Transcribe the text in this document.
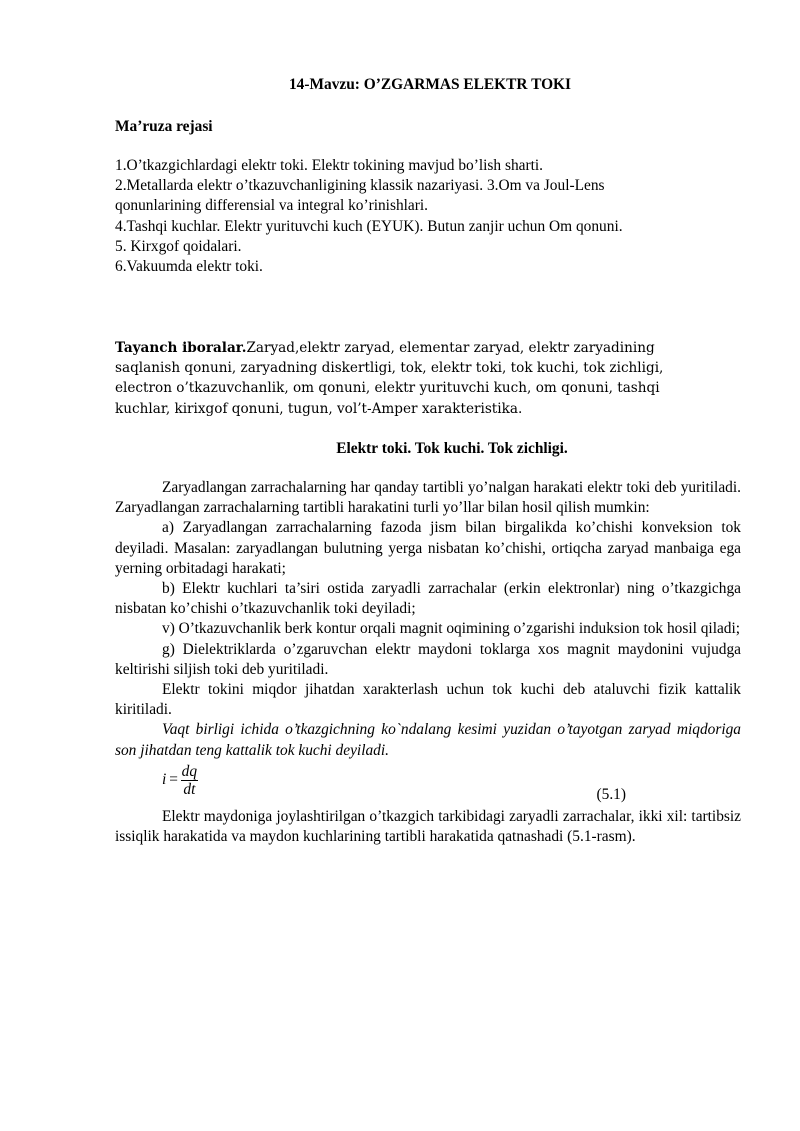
14-Mavzu: O’ZGARMAS ELEKTR TOKI
Ma’ruza rejasi
1.O’tkazgichlardagi elektr toki. Elektr tokining mavjud bo’lish sharti.
2.Metallarda elektr o’tkazuvchanligining klassik nazariyasi. 3.Om va Joul-Lens
qonunlarining differensial va integral ko’rinishlari.
4.Tashqi kuchlar. Elektr yurituvchi kuch (EYUK). Butun zanjir uchun Om qonuni.
5. Kirxgof qoidalari.
6.Vakuumda elektr toki.
Tayanch iboralar.Zaryad,elektr zaryad, elementar zaryad, elektr zaryadining saqlanish qonuni, zaryadning diskertligi, tok, elektr toki, tok kuchi, tok zichligi, electron o’tkazuvchanlik, om qonuni, elektr yurituvchi kuch, om qonuni, tashqi kuchlar, kirixgof qonuni, tugun, vol’t-Amper xarakteristika.
Elektr toki. Tok kuchi. Tok zichligi.

Zaryadlangan zarrachalarning har qanday tartibli yo’nalgan harakati elektr toki deb yuritiladi. Zaryadlangan zarrachalarning tartibli harakatini turli yo’llar bilan hosil qilish mumkin:

a) Zaryadlangan zarrachalarning fazoda jism bilan birgalikda ko’chishi konveksion tok deyiladi. Masalan: zaryadlangan bulutning yerga nisbatan ko’chishi, ortiqcha zaryad manbaiga ega yerning orbitadagi harakati;

b) Elektr kuchlari ta’siri ostida zaryadli zarrachalar (erkin elektronlar) ning o’tkazgichga nisbatan ko’chishi o’tkazuvchanlik toki deyiladi;

v) O’tkazuvchanlik berk kontur orqali magnit oqimining o’zgarishi induksion tok hosil qiladi;

g) Dielektriklarda o’zgaruvchan elektr maydoni toklarga xos magnit maydonini vujudga keltirishi siljish toki deb yuritiladi.

Elektr tokini miqdor jihatdan xarakterlash uchun tok kuchi deb ataluvchi fizik kattalik kiritiladi.

Vaqt birligi ichida o’tkazgichning ko`ndalang kesimi yuzidan o’tayotgan zaryad miqdoriga son jihatdan teng kattalik tok kuchi deyiladi.

$i = \frac{dq}{dt}$	(5.1)

Elektr maydoniga joylashtirilgan o’tkazgich tarkibidagi zaryadli zarrachalar, ikki xil: tartibsiz issiqlik harakatida va maydon kuchlarining tartibli harakatida qatnashadi (5.1-rasm).
